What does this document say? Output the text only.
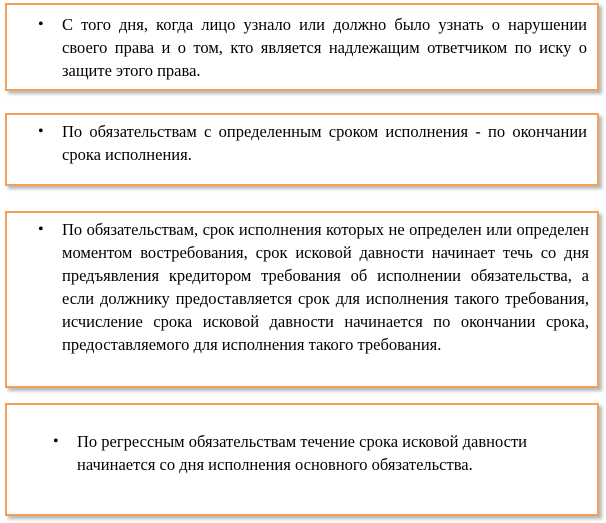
• С того дня, когда лицо узнало или должно было узнать о нарушении своего права и о том, кто является надлежащим ответчиком по иску о защите этого права.
• По обязательствам с определенным сроком исполнения - по окончании срока исполнения.
• По обязательствам, срок исполнения которых не определен или определен моментом востребования, срок исковой давности начинает течь со дня предъявления кредитором требования об исполнении обязательства, а если должнику предоставляется срок для исполнения такого требования, исчисление срока исковой давности начинается по окончании срока, предоставляемого для исполнения такого требования.
• По регрессным обязательствам течение срока исковой давности начинается со дня исполнения основного обязательства.
